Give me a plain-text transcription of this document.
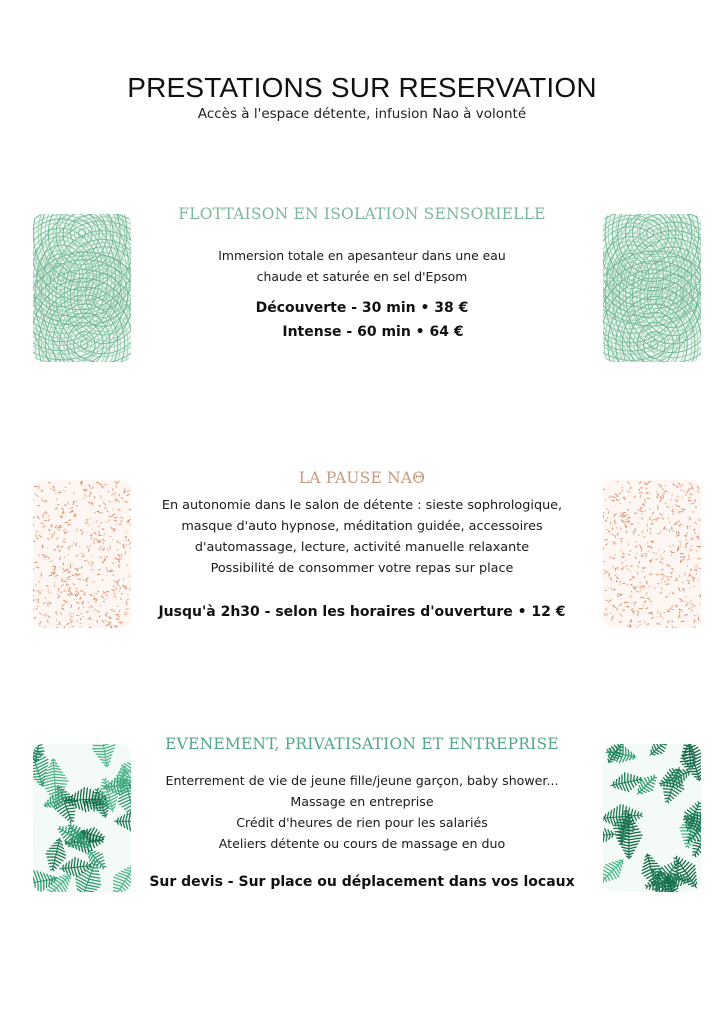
PRESTATIONS SUR RESERVATION
Accès à l'espace détente, infusion Nao à volonté
FLOTTAISON EN ISOLATION SENSORIELLE
Immersion totale en apesanteur dans une eau
chaude et saturée en sel d'Epsom
Découverte - 30 min • 38 €
Intense - 60 min • 64 €
LA PAUSE NAΘ
En autonomie dans le salon de détente : sieste sophrologique,
masque d'auto hypnose, méditation guidée, accessoires
d'automassage, lecture, activité manuelle relaxante
Possibilité de consommer votre repas sur place
Jusqu'à 2h30 - selon les horaires d'ouverture • 12 €
EVENEMENT, PRIVATISATION ET ENTREPRISE
Enterrement de vie de jeune fille/jeune garçon, baby shower...
Massage en entreprise
Crédit d'heures de rien pour les salariés
Ateliers détente ou cours de massage en duo
Sur devis - Sur place ou déplacement dans vos locaux
